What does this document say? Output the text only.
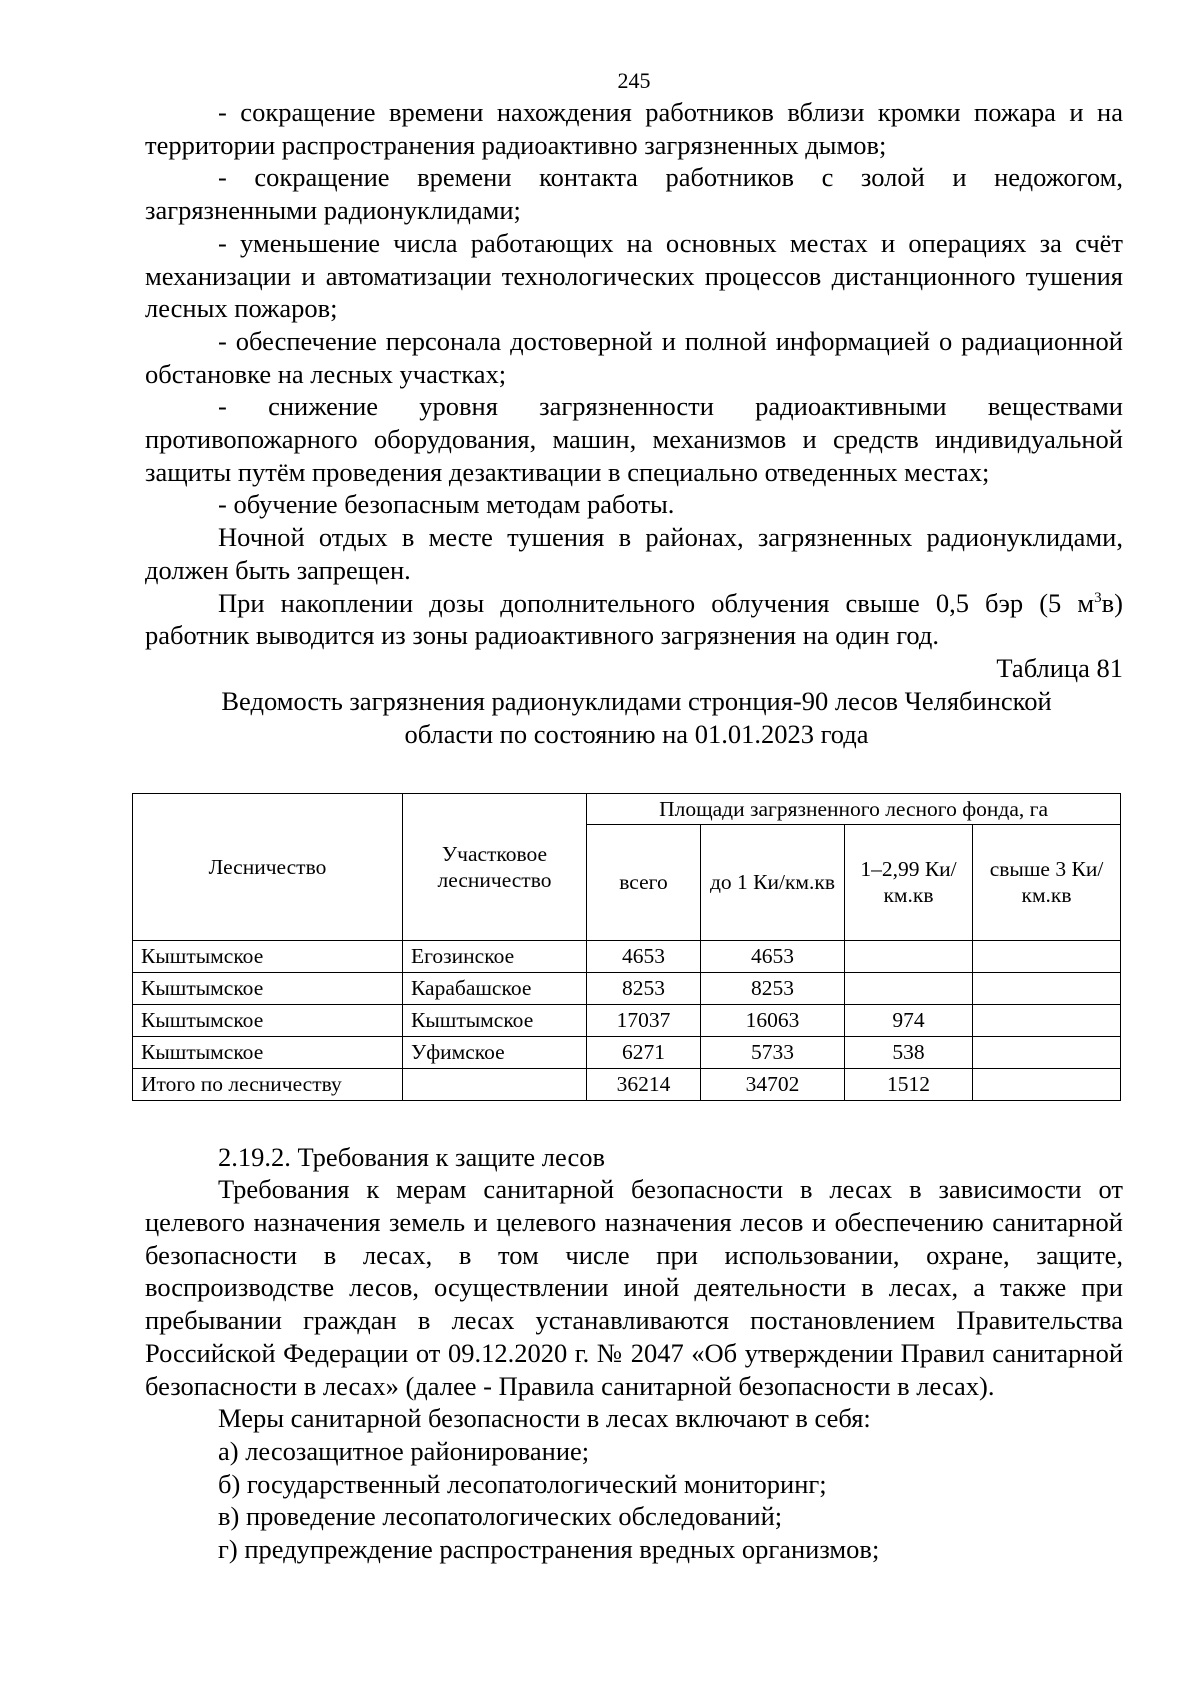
245

- сокращение времени нахождения работников вблизи кромки пожара и на территории распространения радиоактивно загрязненных дымов;

- сокращение времени контакта работников с золой и недожогом, загрязненными радионуклидами;

- уменьшение числа работающих на основных местах и операциях за счёт механизации и автоматизации технологических процессов дистанционного тушения лесных пожаров;

- обеспечение персонала достоверной и полной информацией о радиационной обстановке на лесных участках;

- снижение уровня загрязненности радиоактивными веществами противопожарного оборудования, машин, механизмов и средств индивидуальной защиты путём проведения дезактивации в специально отведенных местах;

- обучение безопасным методам работы.

Ночной отдых в месте тушения в районах, загрязненных радионуклидами, должен быть запрещен.

При накоплении дозы дополнительного облучения свыше 0,5 бэр (5 $м^3в$) работник выводится из зоны радиоактивного загрязнения на один год.

Таблица 81
Ведомость загрязнения радионуклидами стронция-90 лесов Челябинской
области по состоянию на 01.01.2023 года
Лесничество	Участковое лесничество	Площади загрязненного лесного фонда, га			
		всего	до 1 Ки/км.кв	1–2,99 Ки/км.кв	свыше 3 Ки/км.кв
Кыштымское	Егозинское	4653	4653		
Кыштымское	Карабашское	8253	8253		
Кыштымское	Кыштымское	17037	16063	974	
Кыштымское	Уфимское	6271	5733	538	
Итого по лесничеству		36214	34702	1512	

2.19.2. Требования к защите лесов

Требования к мерам санитарной безопасности в лесах в зависимости от целевого назначения земель и целевого назначения лесов и обеспечению санитарной безопасности в лесах, в том числе при использовании, охране, защите, воспроизводстве лесов, осуществлении иной деятельности в лесах, а также при пребывании граждан в лесах устанавливаются постановлением Правительства Российской Федерации от 09.12.2020 г. № 2047 «Об утверждении Правил санитарной безопасности в лесах» (далее - Правила санитарной безопасности в лесах).

Меры санитарной безопасности в лесах включают в себя:

а) лесозащитное районирование;

б) государственный лесопатологический мониторинг;

в) проведение лесопатологических обследований;

г) предупреждение распространения вредных организмов;
